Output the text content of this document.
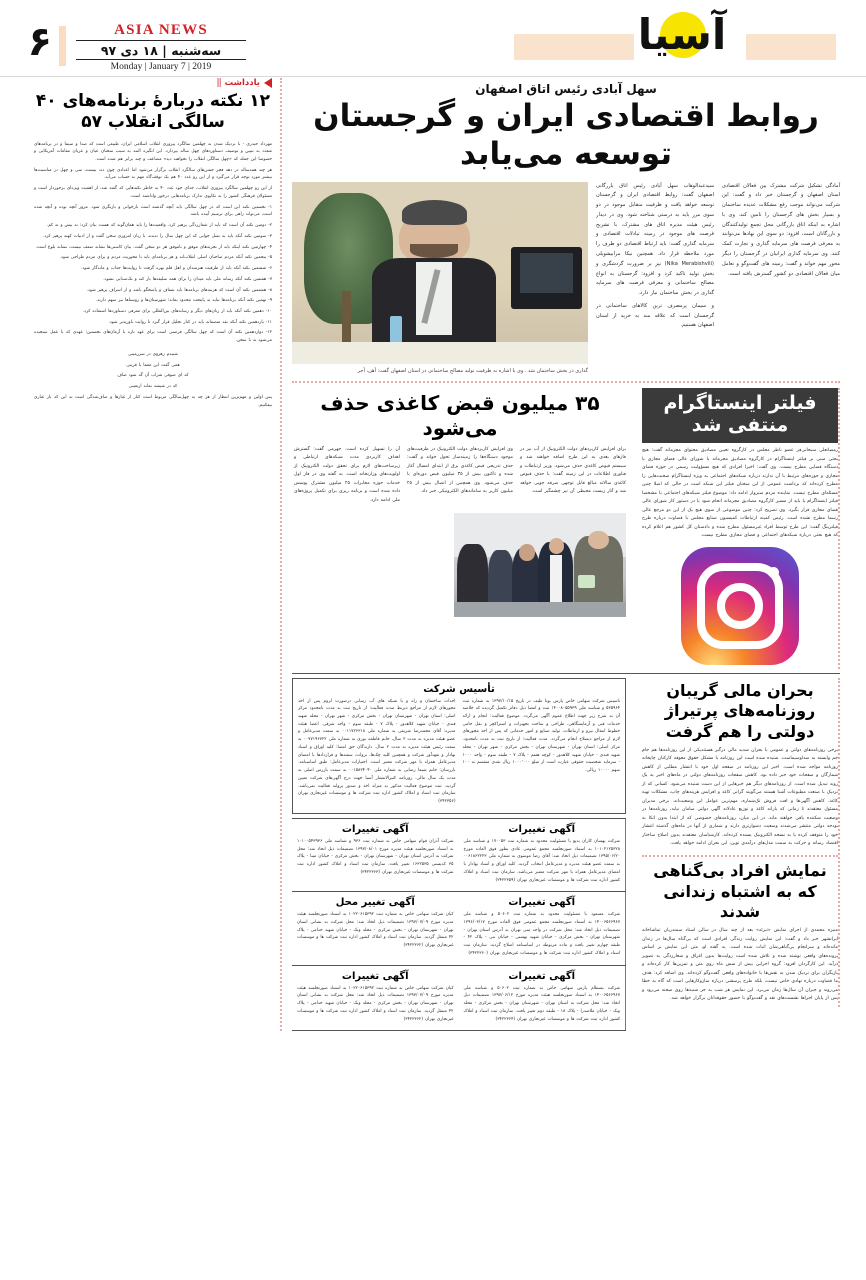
آسیا
ASIA NEWS
سه‌شنبه | ۱۸ دی ۹۷
Monday | January 7 | 2019
۶
سهل آبادی رئیس اتاق اصفهان
روابط اقتصادی ایران و گرجستان توسعه می‌یابد
گذاری در بخش ساختمان شد . وی با اشاره به ظرفیت تولید مصالح ساختمانی در استان اصفهان گفت: آهن، آجر

سیدعبدالوهاب سهل آبادی رئیس اتاق بازرگانی اصفهان گفت: روابط اقتصادی ایران و گرجستان توسعه خواهد یافت و ظرفیت متقابل موجود در دو سوی مرز باید به درستی شناخته شود. وی در دیدار رئیس هیئت مدیره اتاق های مشترک، با تشریح فرصت های موجود در زمینه تبادلات اقتصادی و سرمایه گذاری گفت: باید ارتباط اقتصادی دو طرف را مورد ملاحظه قرار داد. همچنین نیکا مرابیشویلی (Nika Merabishvili) نیز بر ضرورت گردشگری و بخش تولید تاکید کرد و افزود: گرجستان به انواع مصالح ساختمانی و معرفی فرصت های سرمایه گذاری در بخش ساختمان نیاز دارد.

و سیمان پرمصرف ترین کالاهای ساختمانی در گرجستان است که علاقه مند به خرید از استان اصفهان هستیم.

آمادگی تشکیل شرکت مشترک بین فعالان اقتصادی استان اصفهان و گرجستان خبر داد و گفت: این شرکت می‌تواند موجب رفع مشکلات عدیده ساختمان و بسیار بخش های گرجستان را تامین کند. وی با اشاره به اینکه اتاق بازرگانی محل تجمع تولیدکنندگان و بازرگانان است، افزود: دو سوی این نهادها می‌توانند به معرفی فرصت های سرمایه گذاری و تجارت کمک کنند. وی سرمایه گذاری ایرانیان در گرجستان را دیگر محور مهم خواند و گفت: زمینه های گفت‌وگو و تعامل میان فعالان اقتصادی دو کشور گسترش یافته است.

۳۵ میلیون قبض کاغذی حذف می‌شود

آن را تسهیل کرده است. جهرمی گفت: گسترش اهداف کاربردی مدت شبکه‌های ارتباطی و زیرساخت‌های لازم برای تحقق دولت الکترونیک از اولویت‌های وزارتخانه است. به گفته وی در فاز اول خدمات حوزه مخابرات ۲۵ میلیون مشترک پوشش داده شده است و برنامه ریزی برای تکمیل پروژه‌های ملی ادامه دارد.

وی افزایش کاربردهای دولت الکترونیک در ظرفیت‌های موجود دستگاه‌ها را زمینه‌ساز تحول خواند و گفت: حذف تدریجی قبض کاغذی برق از ابتدای امسال آغاز شده و تاکنون بیش از ۳۵ میلیون قبض دوره‌ای با حذف می‌شود. وی همچنین از اتصال بیش از ۲۵ میلیون کاربر به سامانه‌های الکترونیکی خبر داد.

برای افزایش کاربردهای دولت الکترونیک از آب نیز در فازهای بعدی به این طرح اضافه خواهند شد و سیستم قبوض کاغذی حذف می‌شود. وزیر ارتباطات و فناوری اطلاعات در این زمینه گفت: با حذف قبوض کاغذی سالانه مبالغ قابل توجهی صرفه جویی خواهد شد و آثار زیست محیطی آن نیز چشمگیر است.

فیلتر اینستاگرام منتفی شد

رمضانعلی سبحانی‌فر عضو ناظر مجلس در کارگروه تعیین مصادیق محتوای مجرمانه گفت: هیچ بحثی مبنی بر فیلتر اینستاگرام در کارگروه مصادیق مجرمانه یا شورای عالی فضای مجازی یا دستگاه قضایی مطرح نیست. وی گفت: اخیرا افرادی که هیچ مسؤولیت رسمی در حوزه فضای مجازی و حوزه‌های مرتبط با آن ندارند درباره شبکه‌های اجتماعی به ویژه اینستاگرام صحبت‌هایی را مطرح کرده‌اند که برداشت عمومی از این سخنان فیلتر این شبکه است در حالی که اصلا چنین مسئله‌ای مطرح نیست. نماینده مردم سبزوار ادامه داد: موضوع فیلتر شبکه‌های اجتماعی یا مشخصا فیلتر اینستاگرام یا باید از مسیر کارگروه مصادیق مجرمانه انجام شود یا در دستور کار شورای عالی فضای مجازی قرار بگیرد. وی تصریح کرد: چنین موضوعی از سوی هیچ یک از این دو مرجع عالی رسما مطرح نشده است. رئیس کمیته ارتباطات کمیسیون صنایع مجلس با قضاوت درباره طرح فیلترینگ گفت: این طرح توسط افراد غیرمسئول مطرح شده و دادستان کل کشور هم اعلام کرده که هیچ بحثی درباره شبکه‌های اجتماعی و فضای مجازی مطرح نیست.

تأسیس شرکت

احداث ساختمان و راه و یا شبکه های آب رسانی درصورت لزوم پس از اخذ مجوزهای لازم از مراجع ذیربط مدت فعالیت: از تاریخ ثبت به مدت نامحدود مرکز اصلی: استان تهران - شهرستان تهران - بخش مرکزی - شهر تهران - محله شهید قندی - خیابان شهید کلاهدوز - پلاک ۷ - طبقه سوم - واحد شرقی. اعضا هیئت مدیره: آقای محمدرضا شریفی به شماره ملی ۰۰۱۱۷۲۶۳۱۸ به سمت مدیرعامل و عضو هیئت مدیره به مدت ۲ سال، خانم فاطمه نوری به شماره ملی ۰۰۷۷۱۹۶۷۲۲ به سمت رئیس هیئت مدیره به مدت ۲ سال. دارندگان حق امضا: کلیه اوراق و اسناد بهادار و تعهدآور شرکت و همچنین کلیه چک‌ها، بروات، سفته‌ها و قراردادها با امضای مدیرعامل همراه با مهر شرکت معتبر است. اختیارات مدیرعامل: طبق اساسنامه. بازرسان: خانم شیما رضایی به شماره ملی ۰۰۱۵۸۳۴۰۴۰ به سمت بازرس اصلی به مدت یک سال مالی. روزنامه کثیرالانتشار آسیا جهت درج آگهی‌های شرکت تعیین گردید. ثبت موضوع فعالیت مذکور به منزله اخذ و صدور پروانه فعالیت نمی‌باشد. سازمان ثبت اسناد و املاک کشور اداره ثبت شرکت ها و موسسات غیرتجاری تهران (۳۴۲۳۵۶)

تاسیس شرکت سهامی خاص پارس یوتا طیف در تاریخ ۱۳۹۷/۱۰/۱۵ به شماره ثبت ۵۳۵۹۶۴ و شناسه ملی ۱۴۰۰۸۰۵۵۹۳۹ ثبت و امضا ذیل دفاتر تکمیل گردیده که خلاصه آن به شرح زیر جهت اطلاع عموم آگهی می‌گردد. موضوع فعالیت: انجام و ارائه خدمات فنی و آزمایشگاهی، طراحی و ساخت تجهیزات و استراکچر و نقل حامی خطوط انتقال نیرو و ارتباطات، تولید صنایع و امور خدماتی که پس از اخذ مجوزهای لازم از مراجع ذیصلاح انجام می‌گردد. مدت فعالیت: از تاریخ ثبت به مدت نامحدود. مرکز اصلی: استان تهران - شهرستان تهران - بخش مرکزی - شهر تهران - محله شهید قندی - خیابان شهید کلاهدوز - کوچه هفتم - پلاک ۷ - طبقه سوم - واحد ۱۰۰۰ - سرمایه شخصیت حقوقی عبارت است از مبلغ ۱۰۰۰٬۰۰۰ ریال نقدی منقسم به ۱۰۰ سهم ۱۰۰۰۰ ریالی.

آگهی تغییرات

شرکت آذران قوام سهامی خاص به شماره ثبت ۹۳۶ و شناسه ملی ۱۰۱۰۰۵۴۳۹۳۶ به استناد صورتجلسه هیئت مدیره مورخ ۱۳۹۷/۰۸/۰۱ تصمیمات ذیل اتخاذ شد: محل شرکت به آدرس استان تهران - شهرستان تهران - بخش مرکزی - خیابان مینا - پلاک ۳۵ کدپستی ۱۶۳۲۵۳۵ تغییر یافت. سازمان ثبت اسناد و املاک کشور اداره ثبت شرکت ها و موسسات غیرتجاری تهران (۳۴۲۲۳۶۳)

آگهی تغییرات

شرکت بهسان کاران بدیع با مسئولیت محدود به شماره ثبت ۱۷۰۰۵۳ و شناسه ملی ۱۰۱۰۲۱۲۵۳۲۸ به استناد صورتجلسه مجمع عمومی عادی بطور فوق العاده مورخ ۱۳۹۵/۰۶/۲۰ تصمیمات ذیل اتخاذ شد: آقای رضا موسوی به شماره ملی ۰۰۶۱۸۶۲۲۲۳ به سمت عضو هیئت مدیره و مدیرعامل انتخاب گردید. کلیه اوراق و اسناد بهادار با امضای مدیرعامل همراه با مهر شرکت معتبر می‌باشد. سازمان ثبت اسناد و املاک کشور اداره ثبت شرکت ها و موسسات غیرتجاری تهران (۳۴۲۲۳۵۹)

آگهی تغییر محل

کیان شرکت سهامی خاص به شماره ثبت ۱۰۲۲۰۶۱۵۳۹۲ به استناد صورتجلسه هیئت مدیره مورخ ۱۳۹۷/۰۷/۰۹ تصمیمات ذیل اتخاذ شد: محل شرکت به نشانی استان تهران - شهرستان تهران - بخش مرکزی - محله ونک - خیابان شهید خدامی - پلاک ۴۲ منتقل گردید. سازمان ثبت اسناد و املاک کشور اداره ثبت شرکت ها و موسسات غیرتجاری تهران (۳۴۲۲۳۶۲)

آگهی تغییرات

شرکت مسعود با مسئولیت محدود به شماره ثبت ۵۰۶۰۲ و شناسه ملی ۱۴۰۰۶۵۶۶۹۶۷ به استناد صورتجلسه مجمع عمومی فوق العاده مورخ ۱۳۹۶/۰۳/۱۷ تصمیمات ذیل اتخاذ شد: محل شرکت در واحد ثبتی تهران به آدرس استان تهران - شهرستان تهران - بخش مرکزی - خیابان شهید بهشتی - خیابان نبی - پلاک ۴۲ - طبقه چهارم تغییر یافت و ماده مربوطه در اساسنامه اصلاح گردید. سازمان ثبت اسناد و املاک کشور اداره ثبت شرکت ها و موسسات غیرتجاری تهران (۳۴۲۲۳۶۰)

آگهی تغییرات

کیان شرکت سهامی خاص به شماره ثبت ۱۰۲۲۰۶۱۵۳۹۲ به استناد صورتجلسه هیئت مدیره مورخ ۱۳۹۷/۰۷/۰۹ تصمیمات ذیل اتخاذ شد: محل شرکت به نشانی استان تهران - شهرستان تهران - بخش مرکزی - محله ونک - خیابان شهید خدامی - پلاک ۴۲ منتقل گردید. سازمان ثبت اسناد و املاک کشور اداره ثبت شرکت ها و موسسات غیرتجاری تهران (۳۴۲۲۳۶۲)

آگهی تغییرات

شرکت بسطام پارس سهامی خاص به شماره ثبت ۵۰۶۰۲ و شناسه ملی ۱۴۰۰۶۵۶۶۹۶۷ به استناد صورتجلسه هیئت مدیره مورخ ۱۳۹۷/۰۶/۱۲ تصمیمات ذیل اتخاذ شد: محل شرکت به استان تهران - شهرستان تهران - بخش مرکزی - محله ونک - خیابان ملاصدرا - پلاک ۱۸ - طبقه دوم تغییر یافت. سازمان ثبت اسناد و املاک کشور اداره ثبت شرکت ها و موسسات غیرتجاری تهران (۳۴۲۲۳۶۴)

بحران مالی گریبان روزنامه‌های پرتیراژ دولتی را هم گرفت

برخی روزنامه‌های دولتی و عمومی با بحران شدید مالی درگیر هستندیکی از این روزنامه‌ها هم جام جم وابسته به صداوسیماست. شنیده شده است این روزنامه با مشکل حقوق معوقه کارکنان چاپخانه روزنامه مواجه شده است. اخیر این روزنامه در صفحه اول خود با انتشار مطلبی از کاهش شمارگان و صفحات خود خبر داده بود. کاهش صفحات روزنامه‌های دولتی در ماه‌های اخیر به یک روند تبدیل شده است. از روزنامه‌های دیگر هم خبرهایی از این دست شنیده می‌شود. کسانی که از نزدیک با صنعت مطبوعات آشنا هستند می‌گویند گرانی کاغذ و افزایش هزینه‌های چاپ، مشکلات تهیه کاغذ، کاهش آگهی‌ها و افت فروش تک‌شماره، مهم‌ترین عوامل این وضعیت‌اند. برخی مدیران مسئول معتقدند تا زمانی که یارانه کاغذ و توزیع عادلانه آگهی دولتی سامان نیابد، روزنامه‌ها در وضعیت شکننده باقی خواهند ماند. در این میان، روزنامه‌های خصوصی که از ابتدا بدون اتکا به بودجه دولتی منتشر می‌شدند وضعیت دشوارتری دارند و شماری از آنها در ماه‌های گذشته انتشار خود را متوقف کرده یا به نسخه الکترونیک بسنده کرده‌اند. کارشناسان معتقدند بدون اصلاح ساختار اقتصاد رسانه و حرکت به سمت مدل‌های درآمدی نوین، این بحران ادامه خواهد یافت.

نمایش افراد بی‌گناهی که به اشتباه زندانی شدند

منیژه محمدی از اجرای نمایش «تبرئه» بعد از چند سال در سالن استاد سمندریان تماشاخانه ایرانشهر خبر داد و گفت: این نمایش روایت زندگی افرادی است که بی‌گناه سال‌ها در زندان مانده‌اند و سرانجام بی‌گناهی‌شان اثبات شده است. به گفته او، متن این نمایش بر اساس پرونده‌های واقعی نوشته شده و تلاش شده است روایت‌ها بدون اغراق و شعارزدگی به تصویر درآید. این کارگردان افزود: گروه اجرایی بیش از شش ماه روی متن و تمرین‌ها کار کرده‌اند و بازیگران برای نزدیک شدن به نقش‌ها با خانواده‌های واقعی گفت‌وگو کرده‌اند. وی اضافه کرد: هدف ما قضاوت درباره نهادی خاص نیست، بلکه طرح پرسشی درباره سازوکارهایی است که گاه به خطا می‌روند و جبران آن سال‌ها زمان می‌برد. این نمایش هر شب به جز شنبه‌ها روی صحنه می‌رود و پس از پایان اجراها نشست‌های نقد و گفت‌وگو با حضور حقوقدانان برگزار خواهد شد.

یادداشت
||
۱۲ نکته دربارهٔ برنامه‌های ۴۰ سالگی انقلاب ۵۷

مهرداد حیدری - با نزدیک شدن به چهلمین سالگرد پیروزی انقلاب اسلامی ایران، طبیعی است که صدا و سیما و در برنامه‌های متعدد به تبیین و توصیف دستاوردهای چهل ساله بپردازد. این انگیزه البته به سبب سخنان عیان و عریان مقامات آمریکایی و خصوصا این جمله که «چهل سالگی انقلاب را نخواهند دید» مضاعف و چند برابر هم شده است.

هر چند همه‌ساله در دهه فجر جشن‌های سالگرد انقلاب برگزار می‌شود اما اعدادی چون ده، بیست، سی و چهل در مناسبت‌ها بیشتر مورد توجه قرار می‌گیرد و از این رو عدد ۴۰ هم یک توقف‌گاه مهم به حساب می‌آید.

از این رو چهلمین سالگرد پیروزی انقلاب، جدای خود عدد ۴۰ به خاطر نکته‌هایی که گفته شد، از اهمیت ویژه‌ای برخوردار است و مسئولان فرهنگی کشور را به تکاپوی تدارک برنامه‌هایی درخور واداشته است.

۱- نخستین نکته این است که در چهل سالگی باید آنچه گذشته است بازخوانی و بازنگری شود. مرور آنچه بوده و آنچه شده است، می‌تواند راهی برای ترسیم آینده باشد.

۲- دومین نکته آن است که باید از شعارزدگی پرهیز کرد. واقعیت‌ها را باید همان‌گونه که هست بیان کرد؛ نه بیش و نه کم.

۳- سومین نکته آنکه باید به نسل جوانی که این چهل سال را ندیده، با زبان امروزی سخن گفت و از ادبیات کهنه پرهیز کرد.

۴- چهارمین نکته اینکه باید از تجربه‌های موفق و ناموفق هر دو سخن گفت. بیان کاستی‌ها نشانه ضعف نیست، نشانه بلوغ است.

۵- پنجمین نکته آنکه مردم صاحبان اصلی انقلاب‌اند و هر برنامه‌ای باید با محوریت مردم و برای مردم طراحی شود.

۶- ششمین نکته آنکه باید از ظرفیت هنرمندان و اهل قلم بهره گرفت تا روایت‌ها جذاب و ماندگار شود.

۷- هفتمین نکته آنکه رسانه ملی باید میدان را برای همه سلیقه‌ها باز کند و تک‌صدایی نشود.

۸- هشتمین نکته آن است که هزینه‌های برنامه‌ها باید شفاف و پاسخگو باشد و از اسراف پرهیز شود.

۹- نهمین نکته آنکه برنامه‌ها نباید به پایتخت محدود بماند؛ شهرستان‌ها و روستاها نیز سهم دارند.

۱۰- دهمین نکته آنکه باید از زبان‌های دیگر و رسانه‌های بین‌المللی برای معرفی دستاوردها استفاده کرد.

۱۱- یازدهمین نکته آنکه نقد منصفانه باید در کنار تجلیل قرار گیرد تا روایت باورپذیر شود.

۱۲- دوازدهمین نکته آن است که چهل سالگی فرصتی است برای عهد تازه با آرمان‌های نخستین؛ عهدی که با عمل سنجیده می‌شود نه با سخن.

شنیدم رهروی در سرزمینی

همی گفت این معما با قرینی

که ای صوفی شراب آن گه شود صاف

که در شیشه بماند اربعینی

پس اولین و مهم‌ترین انتظار از هر چه به چهل‌سالگی مربوط است کنار از غبارها و صاف‌شدگی است نه این که باز غباری بیفکنیم.
